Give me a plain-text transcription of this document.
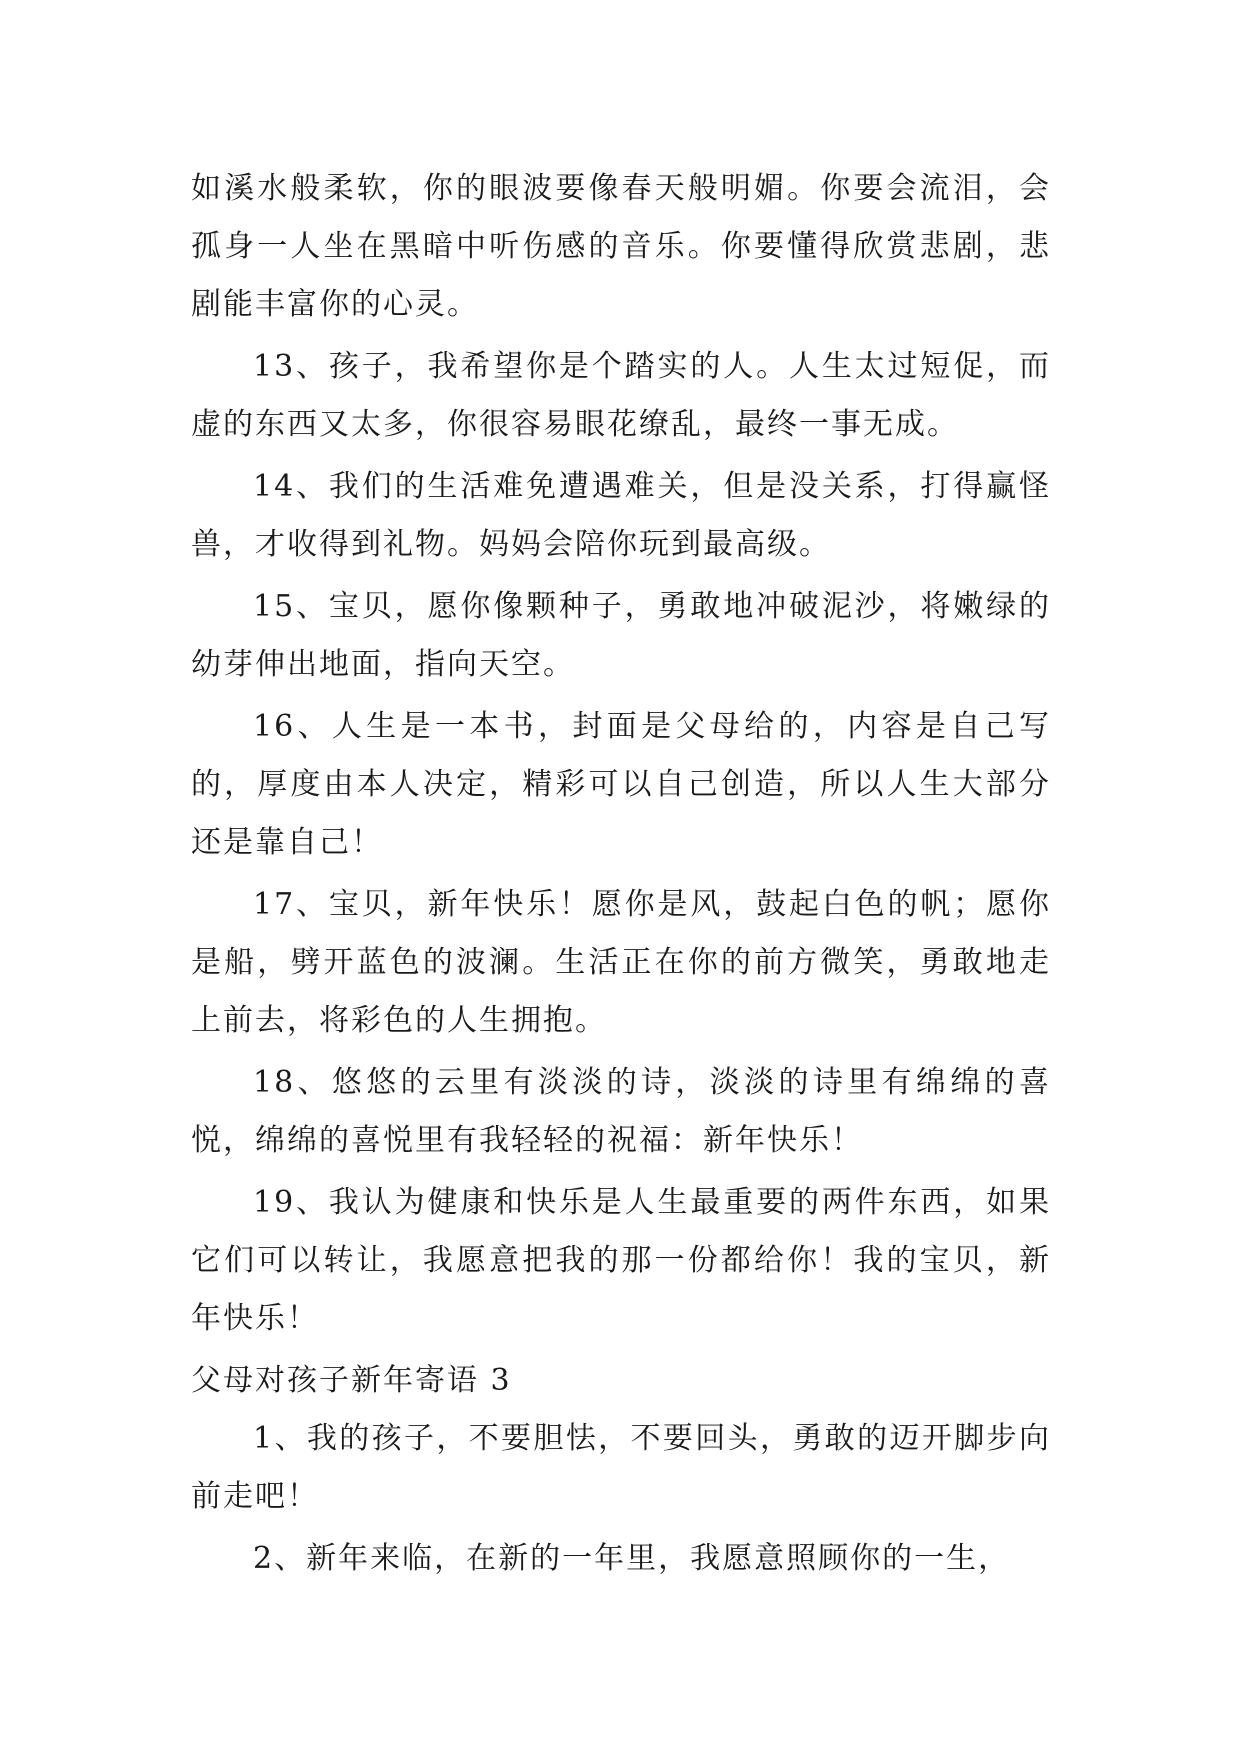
如溪水般柔软，你的眼波要像春天般明媚。你要会流泪，会孤身一人坐在黑暗中听伤感的音乐。你要懂得欣赏悲剧，悲剧能丰富你的心灵。

13、孩子，我希望你是个踏实的人。人生太过短促，而虚的东西又太多，你很容易眼花缭乱，最终一事无成。

14、我们的生活难免遭遇难关，但是没关系，打得赢怪兽，才收得到礼物。妈妈会陪你玩到最高级。

15、宝贝，愿你像颗种子，勇敢地冲破泥沙，将嫩绿的幼芽伸出地面，指向天空。

16、人生是一本书，封面是父母给的，内容是自己写的，厚度由本人决定，精彩可以自己创造，所以人生大部分还是靠自己！

17、宝贝，新年快乐！愿你是风，鼓起白色的帆；愿你是船，劈开蓝色的波澜。生活正在你的前方微笑，勇敢地走上前去，将彩色的人生拥抱。

18、悠悠的云里有淡淡的诗，淡淡的诗里有绵绵的喜悦，绵绵的喜悦里有我轻轻的祝福：新年快乐！

19、我认为健康和快乐是人生最重要的两件东西，如果它们可以转让，我愿意把我的那一份都给你！我的宝贝，新年快乐！

父母对孩子新年寄语 3

1、我的孩子，不要胆怯，不要回头，勇敢的迈开脚步向前走吧！

2、新年来临，在新的一年里，我愿意照顾你的一生，
